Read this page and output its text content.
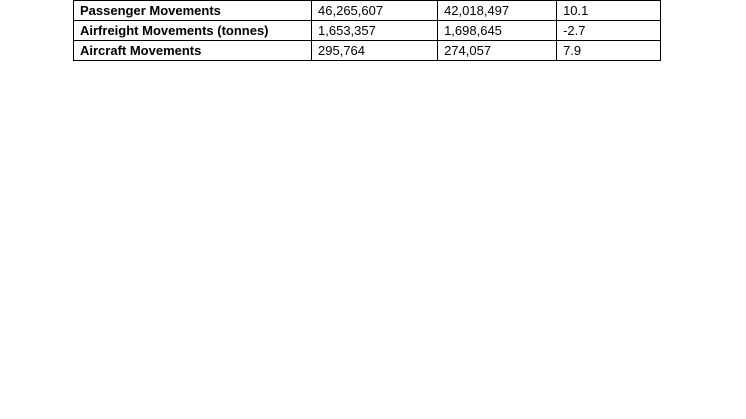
Passenger Movements	46,265,607	42,018,497	10.1
Airfreight Movements (tonnes)	1,653,357	1,698,645	-2.7
Aircraft Movements	295,764	274,057	7.9
